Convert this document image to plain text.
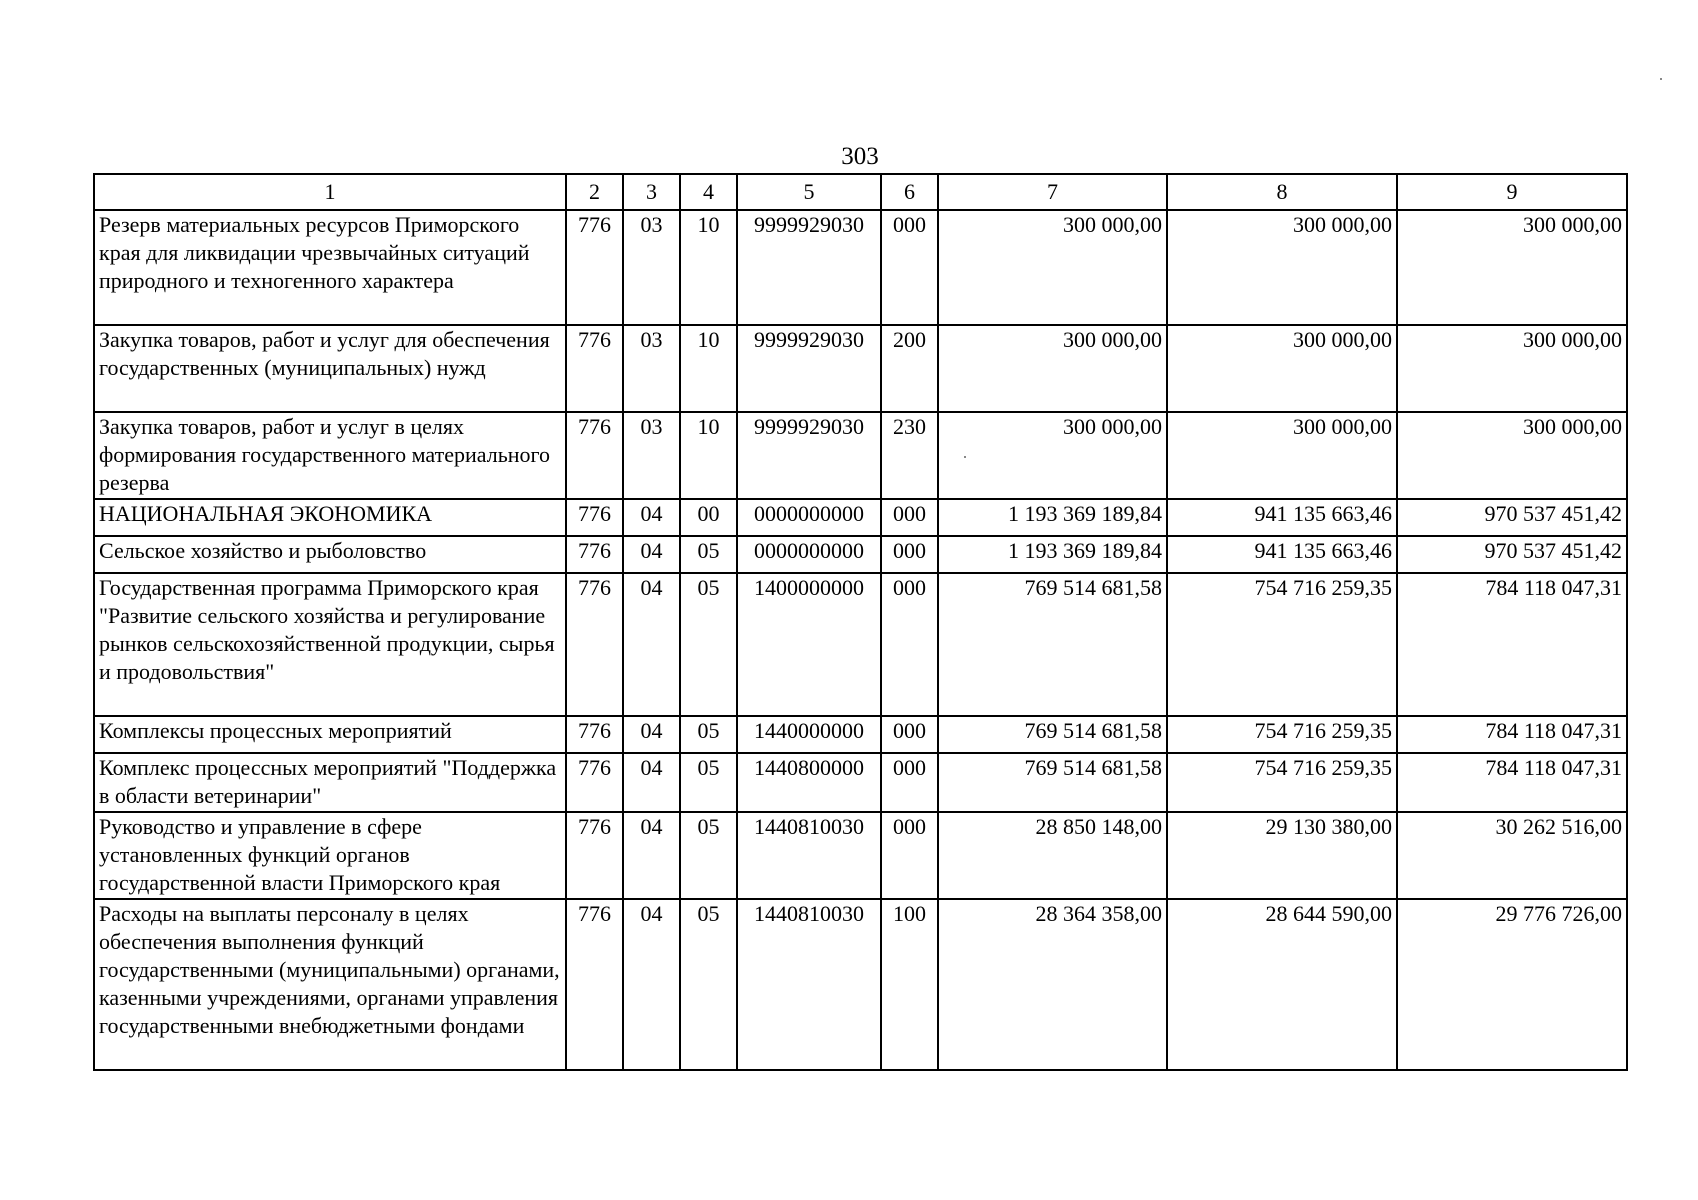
303
1	2	3	4	5	6	7	8	9
Резерв материальных ресурсов Приморского края для ликвидации чрезвычайных ситуаций природного и техногенного характера	776	03	10	9999929030	000	300 000,00	300 000,00	300 000,00
Закупка товаров, работ и услуг для обеспечения государственных (муниципальных) нужд	776	03	10	9999929030	200	300 000,00	300 000,00	300 000,00
Закупка товаров, работ и услуг в целях формирования государственного материального резерва	776	03	10	9999929030	230	300 000,00	300 000,00	300 000,00
НАЦИОНАЛЬНАЯ ЭКОНОМИКА	776	04	00	0000000000	000	1 193 369 189,84	941 135 663,46	970 537 451,42
Сельское хозяйство и рыболовство	776	04	05	0000000000	000	1 193 369 189,84	941 135 663,46	970 537 451,42
Государственная программа Приморского края "Развитие сельского хозяйства и регулирование рынков сельскохозяйственной продукции, сырья и продовольствия"	776	04	05	1400000000	000	769 514 681,58	754 716 259,35	784 118 047,31
Комплексы процессных мероприятий	776	04	05	1440000000	000	769 514 681,58	754 716 259,35	784 118 047,31
Комплекс процессных мероприятий "Поддержка в области ветеринарии"	776	04	05	1440800000	000	769 514 681,58	754 716 259,35	784 118 047,31
Руководство и управление в сфере установленных функций органов государственной власти Приморского края	776	04	05	1440810030	000	28 850 148,00	29 130 380,00	30 262 516,00
Расходы на выплаты персоналу в целях обеспечения выполнения функций государственными (муниципальными) органами, казенными учреждениями, органами управления государственными внебюджетными фондами	776	04	05	1440810030	100	28 364 358,00	28 644 590,00	29 776 726,00
